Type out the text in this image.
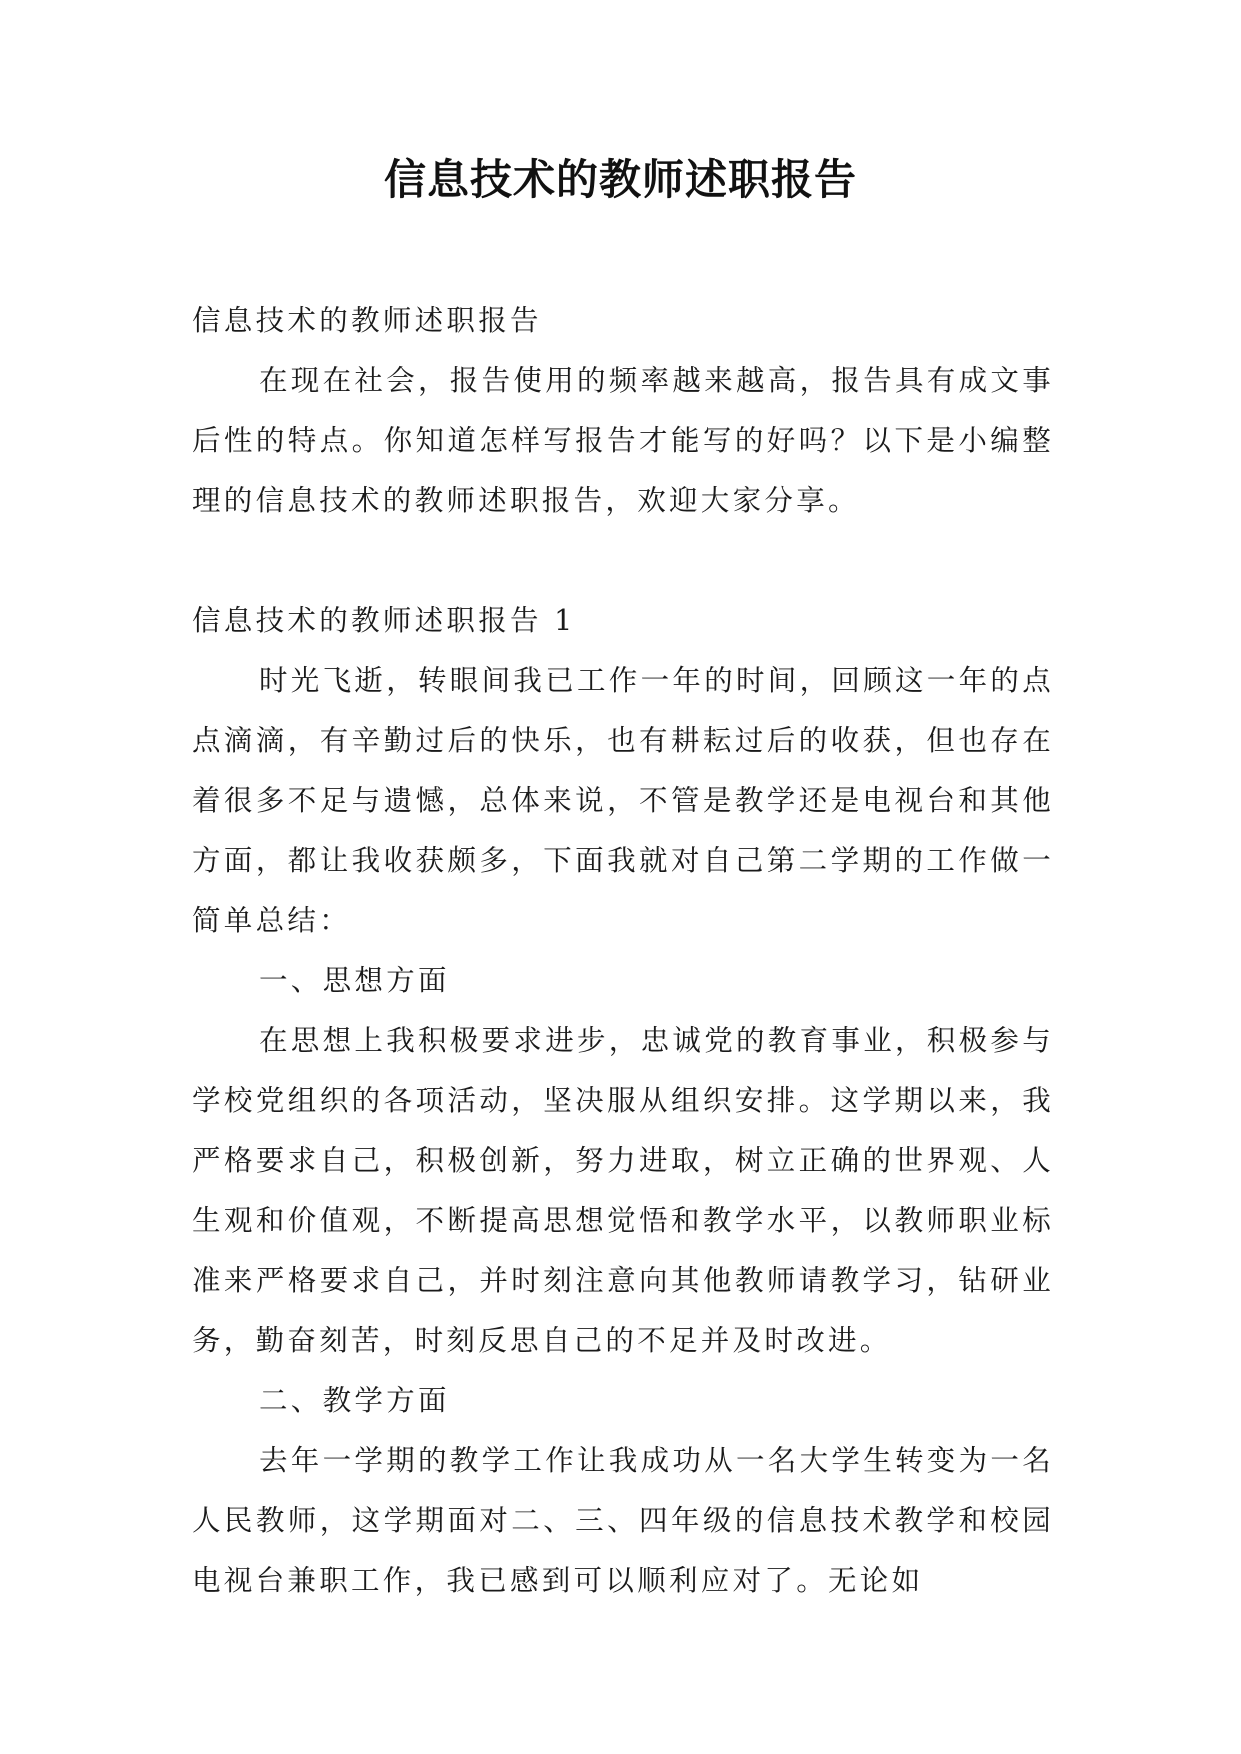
信息技术的教师述职报告

信息技术的教师述职报告

在现在社会，报告使用的频率越来越高，报告具有成文事后性的特点。你知道怎样写报告才能写的好吗？以下是小编整理的信息技术的教师述职报告，欢迎大家分享。

信息技术的教师述职报告 1

时光飞逝，转眼间我已工作一年的时间，回顾这一年的点点滴滴，有辛勤过后的快乐，也有耕耘过后的收获，但也存在着很多不足与遗憾，总体来说，不管是教学还是电视台和其他方面，都让我收获颇多，下面我就对自己第二学期的工作做一简单总结：

一、思想方面

在思想上我积极要求进步，忠诚党的教育事业，积极参与学校党组织的各项活动，坚决服从组织安排。这学期以来，我严格要求自己，积极创新，努力进取，树立正确的世界观、人生观和价值观，不断提高思想觉悟和教学水平，以教师职业标准来严格要求自己，并时刻注意向其他教师请教学习，钻研业务，勤奋刻苦，时刻反思自己的不足并及时改进。

二、教学方面

去年一学期的教学工作让我成功从一名大学生转变为一名人民教师，这学期面对二、三、四年级的信息技术教学和校园电视台兼职工作，我已感到可以顺利应对了。无论如
